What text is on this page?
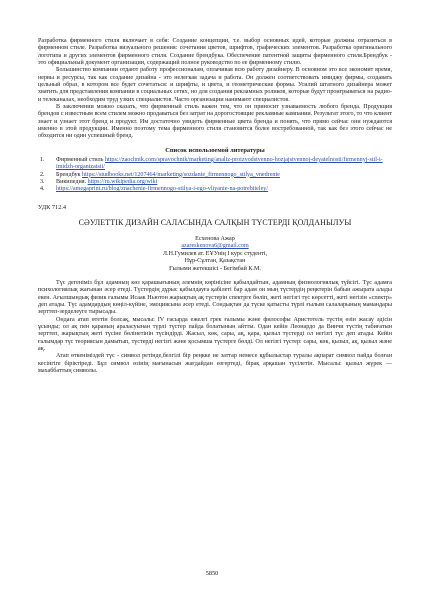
Разработка фирменного стиля включает в себя: Создание концепции, т.е. выбор основных идей, которые должны отразиться в фирменном стиле. Разработка визуального решения: сочетания цветов, шрифтов, графических элементов. Разработка оригинального логотипа и других элементов фирменного стиля. Создание брендбука. Обеспечение патентной защиты фирменного стиля.Брендбук - это официальный документ организации, содержащий полное руководство по ее фирменному стилю.

Большинство компании отдают работу профессионалам, оплачивая всю работу дизайнеру. В основном это все экономит время, нервы и ресурсы, так как создание дизайна - это нелегкая задача и работа. Он должен соответствовать имиджу фирмы, создавать цельный образ, в котором все будет сочетаться: и шрифты, и цвета, и геометрические формы. Усилий штатного дизайнера может хватить для представления компании в социальных сетях, но для создания рекламных роликов, которые будут проигрываться на радио- и телеканалах, необходим труд узких специалистов. Часто организации нанимают специалистов.

В заключении можно сказать, что фирменный стиль важен тем, что он приносит узнаваемость любого бренда. Продукция брендов с известным всем стилем можно продаваться без затрат на дорогостоящие рекламные кампании. Результат этого, то что клиент знает и узнает этот бренд и продукт. Им достаточно увидеть фирменные цвета бренда и понять, что прямо сейчас они нуждаются именно в этой продукции. Именно поэтому тема фирменного стиля становится более востребованной, так как без этого сейчас не обходится ни один успешный бренд.

Список использоемой литературы
1. Фирменный стиль https://zaochnik.com/spravochnik/marketing/analiz-proizvodstvenno-hozjajstvennoj-deyatelnosti/firmennyj-stil-i-imidzh-organizatsii/
2. Брендбук https://studbooks.net/1207464/marketing/sozdanie_firmennogo_stilya_vnedrenie
3. Википедия. https://ru.wikipedia.org/wiki
4. https://amegaprint.ru/blog/znachenie-firmennogo-stilya-i-ego-vliyanie-na-potrebiteley/
УДК 712.4
СӘУЛЕТТІК ДИЗАЙН САЛАСЫНДА САЛҚЫН ТҮСТЕРДІ ҚОЛДАНЫЛУЫ
Есхенова Ажар
azareskenova6@gmail.com
Л.Н.Гумилев ат. ЕҰУнің I курс студенті,
Нұр-Сұлтан, Қазақстан
Ғылыми жетекшісі - Бегімбай К.М.

Түс дегеніміз бұл адамның көз қарашығының әлемнің көрінісіне қабылдайтын, адамның физиологиялық түйсігі. Түс адамға психологиялық жағынан әсер етеді. Түстердің дұрыс қабылдауға қабілеті бар адам он мың түстердің реңктерін бабын ажырата алады екен. Ағылшындық физик ғалымы Исаак Ньютон жарықтың ақ түстерін спектрге бөліп, жеті негізгі түс көрсетті, жеті негізін «спектр» деп атады. Түс адамдардың көңіл-күйіне, эмоциясына әсер етеді. Сондықтан да түске қатысты түрлі ғылым салаларының мамандары зерттеп-зерделеуге тырысады.

Ондаға атап өтетін болсақ, мысалы: IV ғасырда ежелгі грек ғалымы және философы Аристотель түстің өзін жасау әдісін ұсынды; ол ақ пен қараның араласуынан түрлі түстер пайда болатынын айтты. Одан кейін Леонардо да Винчи түстің табиғатын зерттеп, жарықтың жеті түсіне бөлінетінін түсіндірді. Жасыл, көк, сары, ақ, қара, қызыл түстерді ол негізгі түс деп атады. Кейін ғалымдар түс теориясын дамытып, түстерді негізгі және қосымша түстерге бөлді. Ол негізгі түстер: сары, көк, қызыл, ақ, қызыл және ақ.

Атап өткеніміздей түс - символ ретінде,белгілі бір реңкке не заттар немесе құбылыстар туралы ақпарат символ пайда болған кесінгіге біріктіреді. Бұл символ өзінің мағынасын жағдайдан өзгертеді, бірақ арқашан түсілетін. Мысалы: қызыл жүрек — махаббаттың символы.

5850
